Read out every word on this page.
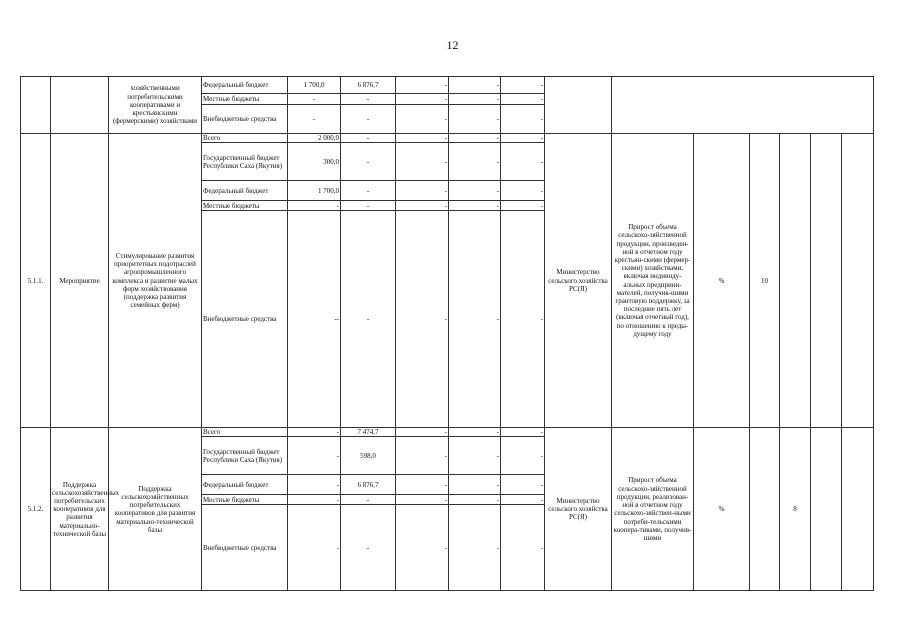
12
		хозяйственными потребительскими кооперативами и крестьянскими (фермерскими) хозяйствами	Федеральный бюджет	1 700,0	6 876,7	-	-	-							
			Местные бюджеты	-	-	-	-	-							
			Внебюджетные средства	-	-	-	-	-							
5.1.1.	Мероприятие	Стимулирование развития приоритетных подотраслей агропромышленного комплекса и развитие малых форм хозяйствования (поддержка развития семейных ферм)	Всего	2 000,0	-	-	-	-	Министерство сельского хозяйства РС(Я)	Прирост объема сельскохо-зяйственной продукции, произведен-ной в отчетном году крестьян-скими (фермер-скими) хозяйствами, включая индивиду-альных предприни-мателей, получив-шими грантовую поддержку, за последние пять лет (включая отчетный год), по отношению к преды-дущему году	%	10			
			Государственный бюджет Республики Саха (Якутия)	300,0	-	-	-	-							
			Федеральный бюджет	1 700,0	-	-	-	-							
			Местные бюджеты	-	-	-	-	-							
			Внебюджетные средства	--	-	-	-	-							
5.1.2.	Поддержка сельскохозяйственных потребительских кооперативов для развития материально-технической базы	Поддержка сельскохозяйственных потребительских кооперативов для развития материально-технической базы	Всего	-	7 474,7	-	-	-	Министерство сельского хозяйства РС(Я)	Прирост объема сельскохо-зяйственной продукции, реализован-ной в отчетном году сельскохо-зяйствен-ными потреби-тельскими коопера-тивами, получив-шими	%		8		
			Государственный бюджет Республики Саха (Якутия)	-	598,0	-	-	-							
			Федеральный бюджет	-	6 876,7	-	-	-							
			Местные бюджеты	-	-	-	-	-							
			Внебюджетные средства	-	-	-	-	-							
